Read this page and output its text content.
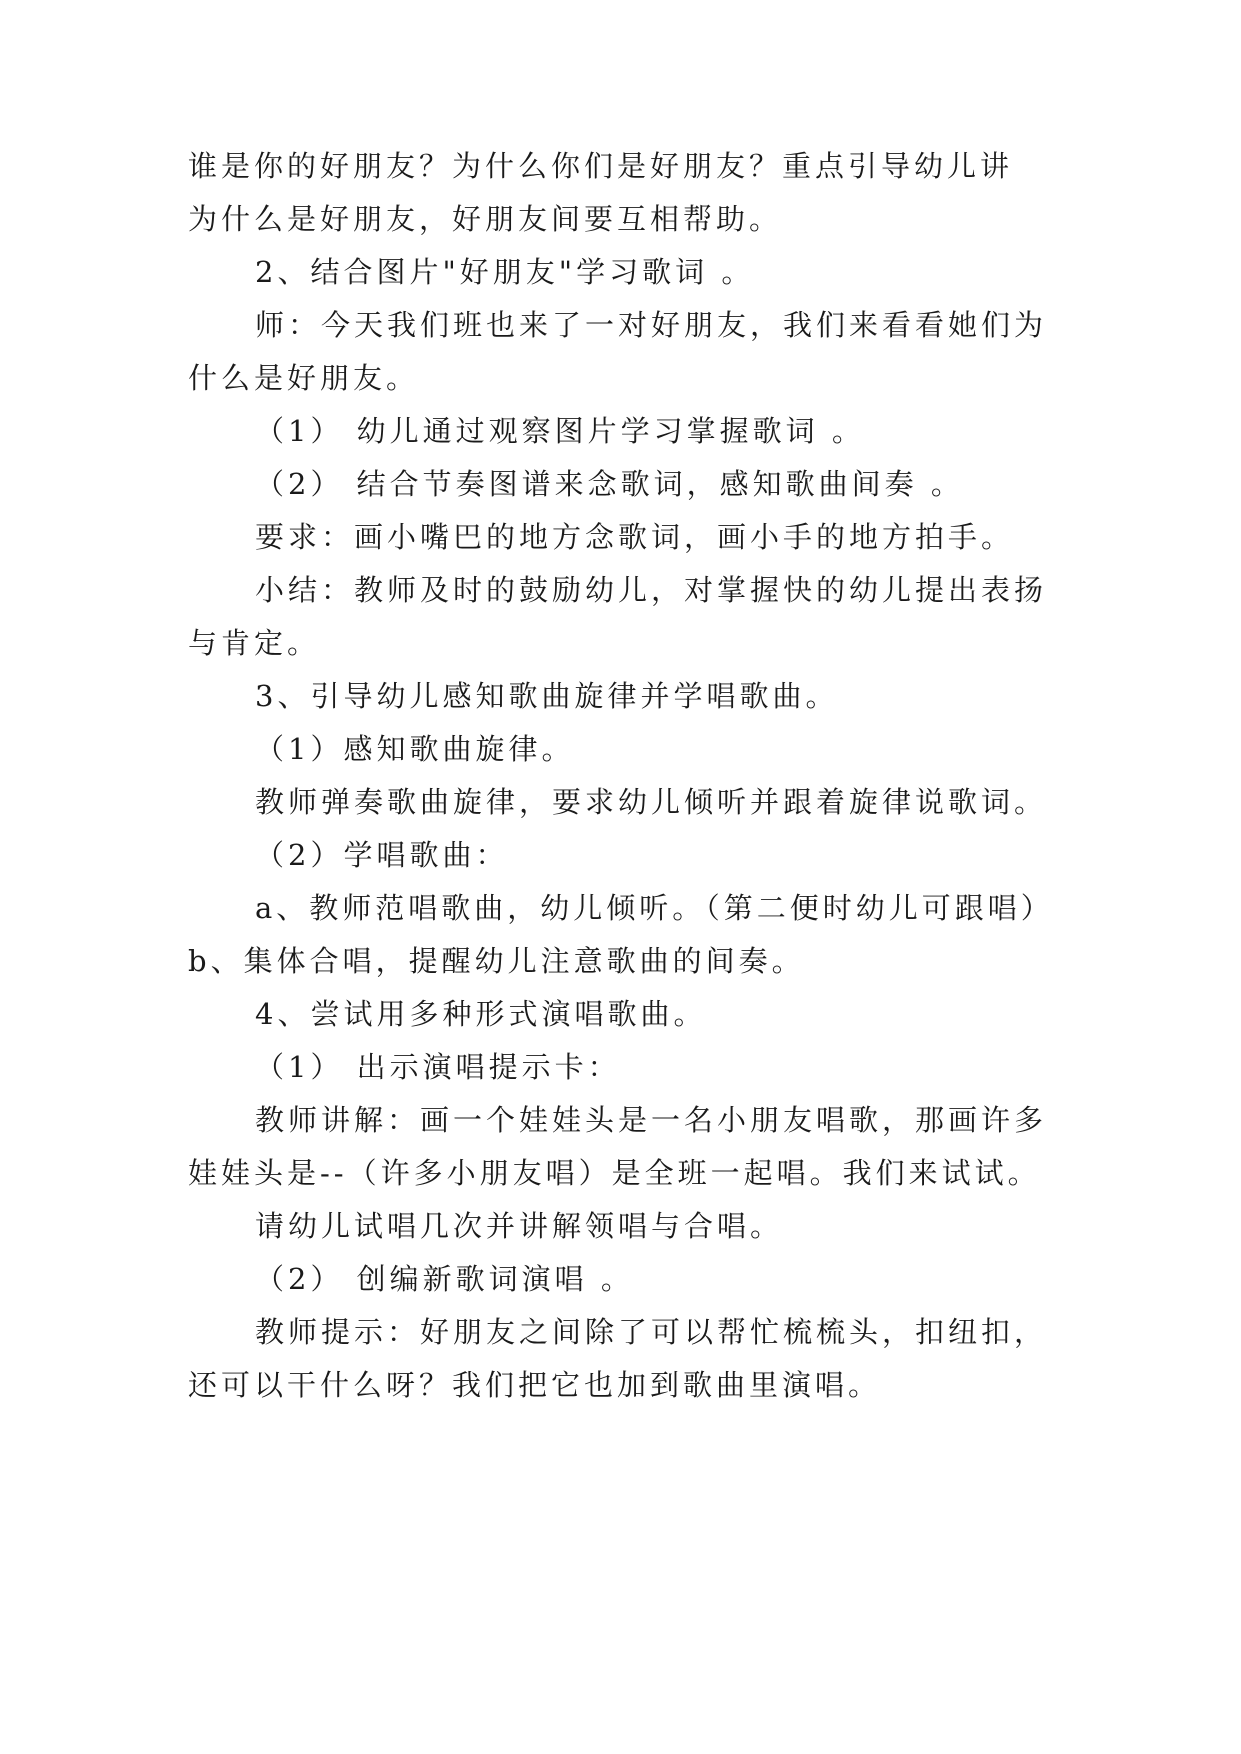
谁是你的好朋友？为什么你们是好朋友？重点引导幼儿讲
为什么是好朋友，好朋友间要互相帮助。
2、结合图片"好朋友"学习歌词 。
师：今天我们班也来了一对好朋友，我们来看看她们为
什么是好朋友。
（1） 幼儿通过观察图片学习掌握歌词 。
（2） 结合节奏图谱来念歌词，感知歌曲间奏 。
要求：画小嘴巴的地方念歌词，画小手的地方拍手。
小结：教师及时的鼓励幼儿，对掌握快的幼儿提出表扬
与肯定。
3、引导幼儿感知歌曲旋律并学唱歌曲。
（1）感知歌曲旋律。
教师弹奏歌曲旋律，要求幼儿倾听并跟着旋律说歌词。
（2）学唱歌曲：
a、教师范唱歌曲，幼儿倾听。（第二便时幼儿可跟唱）
b、集体合唱，提醒幼儿注意歌曲的间奏。
4、尝试用多种形式演唱歌曲。
（1） 出示演唱提示卡：
教师讲解：画一个娃娃头是一名小朋友唱歌，那画许多
娃娃头是--（许多小朋友唱）是全班一起唱。我们来试试。
请幼儿试唱几次并讲解领唱与合唱。
（2） 创编新歌词演唱 。
教师提示：好朋友之间除了可以帮忙梳梳头，扣纽扣，
还可以干什么呀？我们把它也加到歌曲里演唱。
